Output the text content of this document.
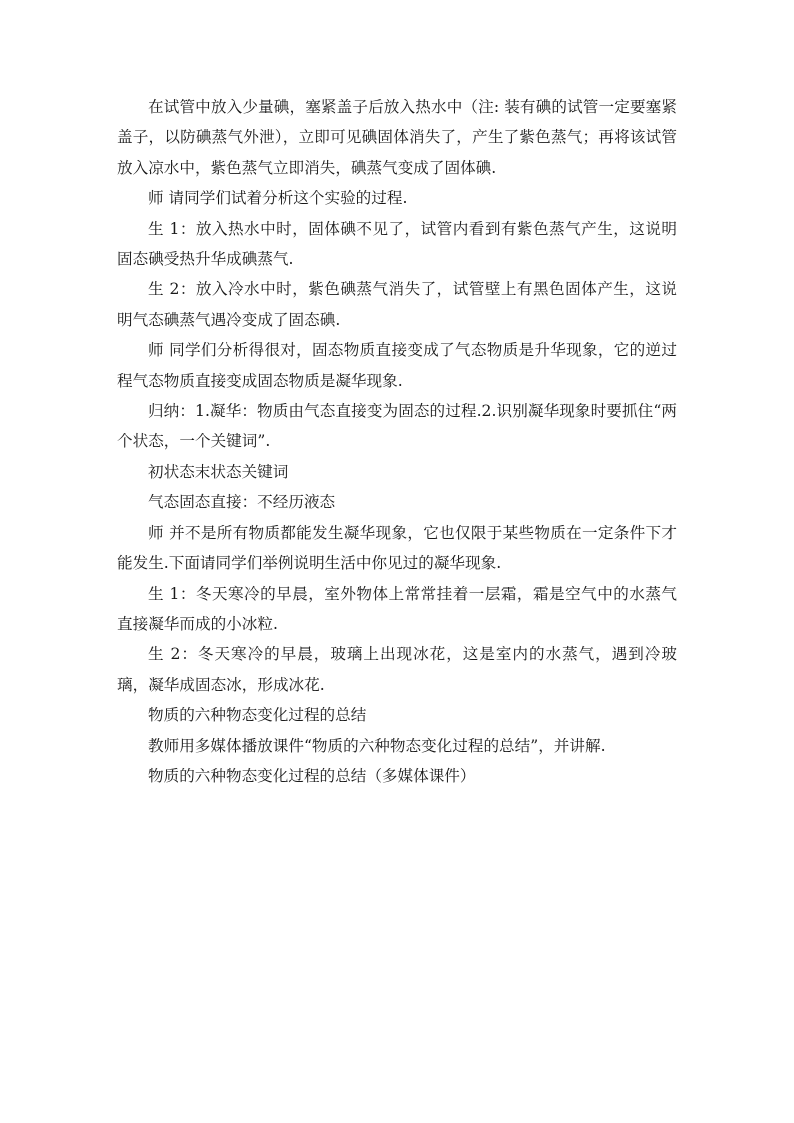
在试管中放入少量碘，塞紧盖子后放入热水中（注: 装有碘的试管一定要塞紧盖子，以防碘蒸气外泄），立即可见碘固体消失了，产生了紫色蒸气；再将该试管放入凉水中，紫色蒸气立即消失，碘蒸气变成了固体碘.

师 请同学们试着分析这个实验的过程.

生 1：放入热水中时，固体碘不见了，试管内看到有紫色蒸气产生，这说明固态碘受热升华成碘蒸气.

生 2：放入冷水中时，紫色碘蒸气消失了，试管壁上有黑色固体产生，这说明气态碘蒸气遇冷变成了固态碘.

师 同学们分析得很对，固态物质直接变成了气态物质是升华现象，它的逆过程气态物质直接变成固态物质是凝华现象.

归纳：1.凝华：物质由气态直接变为固态的过程.2.识别凝华现象时要抓住“两个状态，一个关键词”.

初状态末状态关键词

气态固态直接：不经历液态

师 并不是所有物质都能发生凝华现象，它也仅限于某些物质在一定条件下才能发生.下面请同学们举例说明生活中你见过的凝华现象.

生 1：冬天寒冷的早晨，室外物体上常常挂着一层霜，霜是空气中的水蒸气直接凝华而成的小冰粒.

生 2：冬天寒冷的早晨，玻璃上出现冰花，这是室内的水蒸气，遇到冷玻璃，凝华成固态冰，形成冰花.

物质的六种物态变化过程的总结

教师用多媒体播放课件“物质的六种物态变化过程的总结”，并讲解.

物质的六种物态变化过程的总结（多媒体课件）
